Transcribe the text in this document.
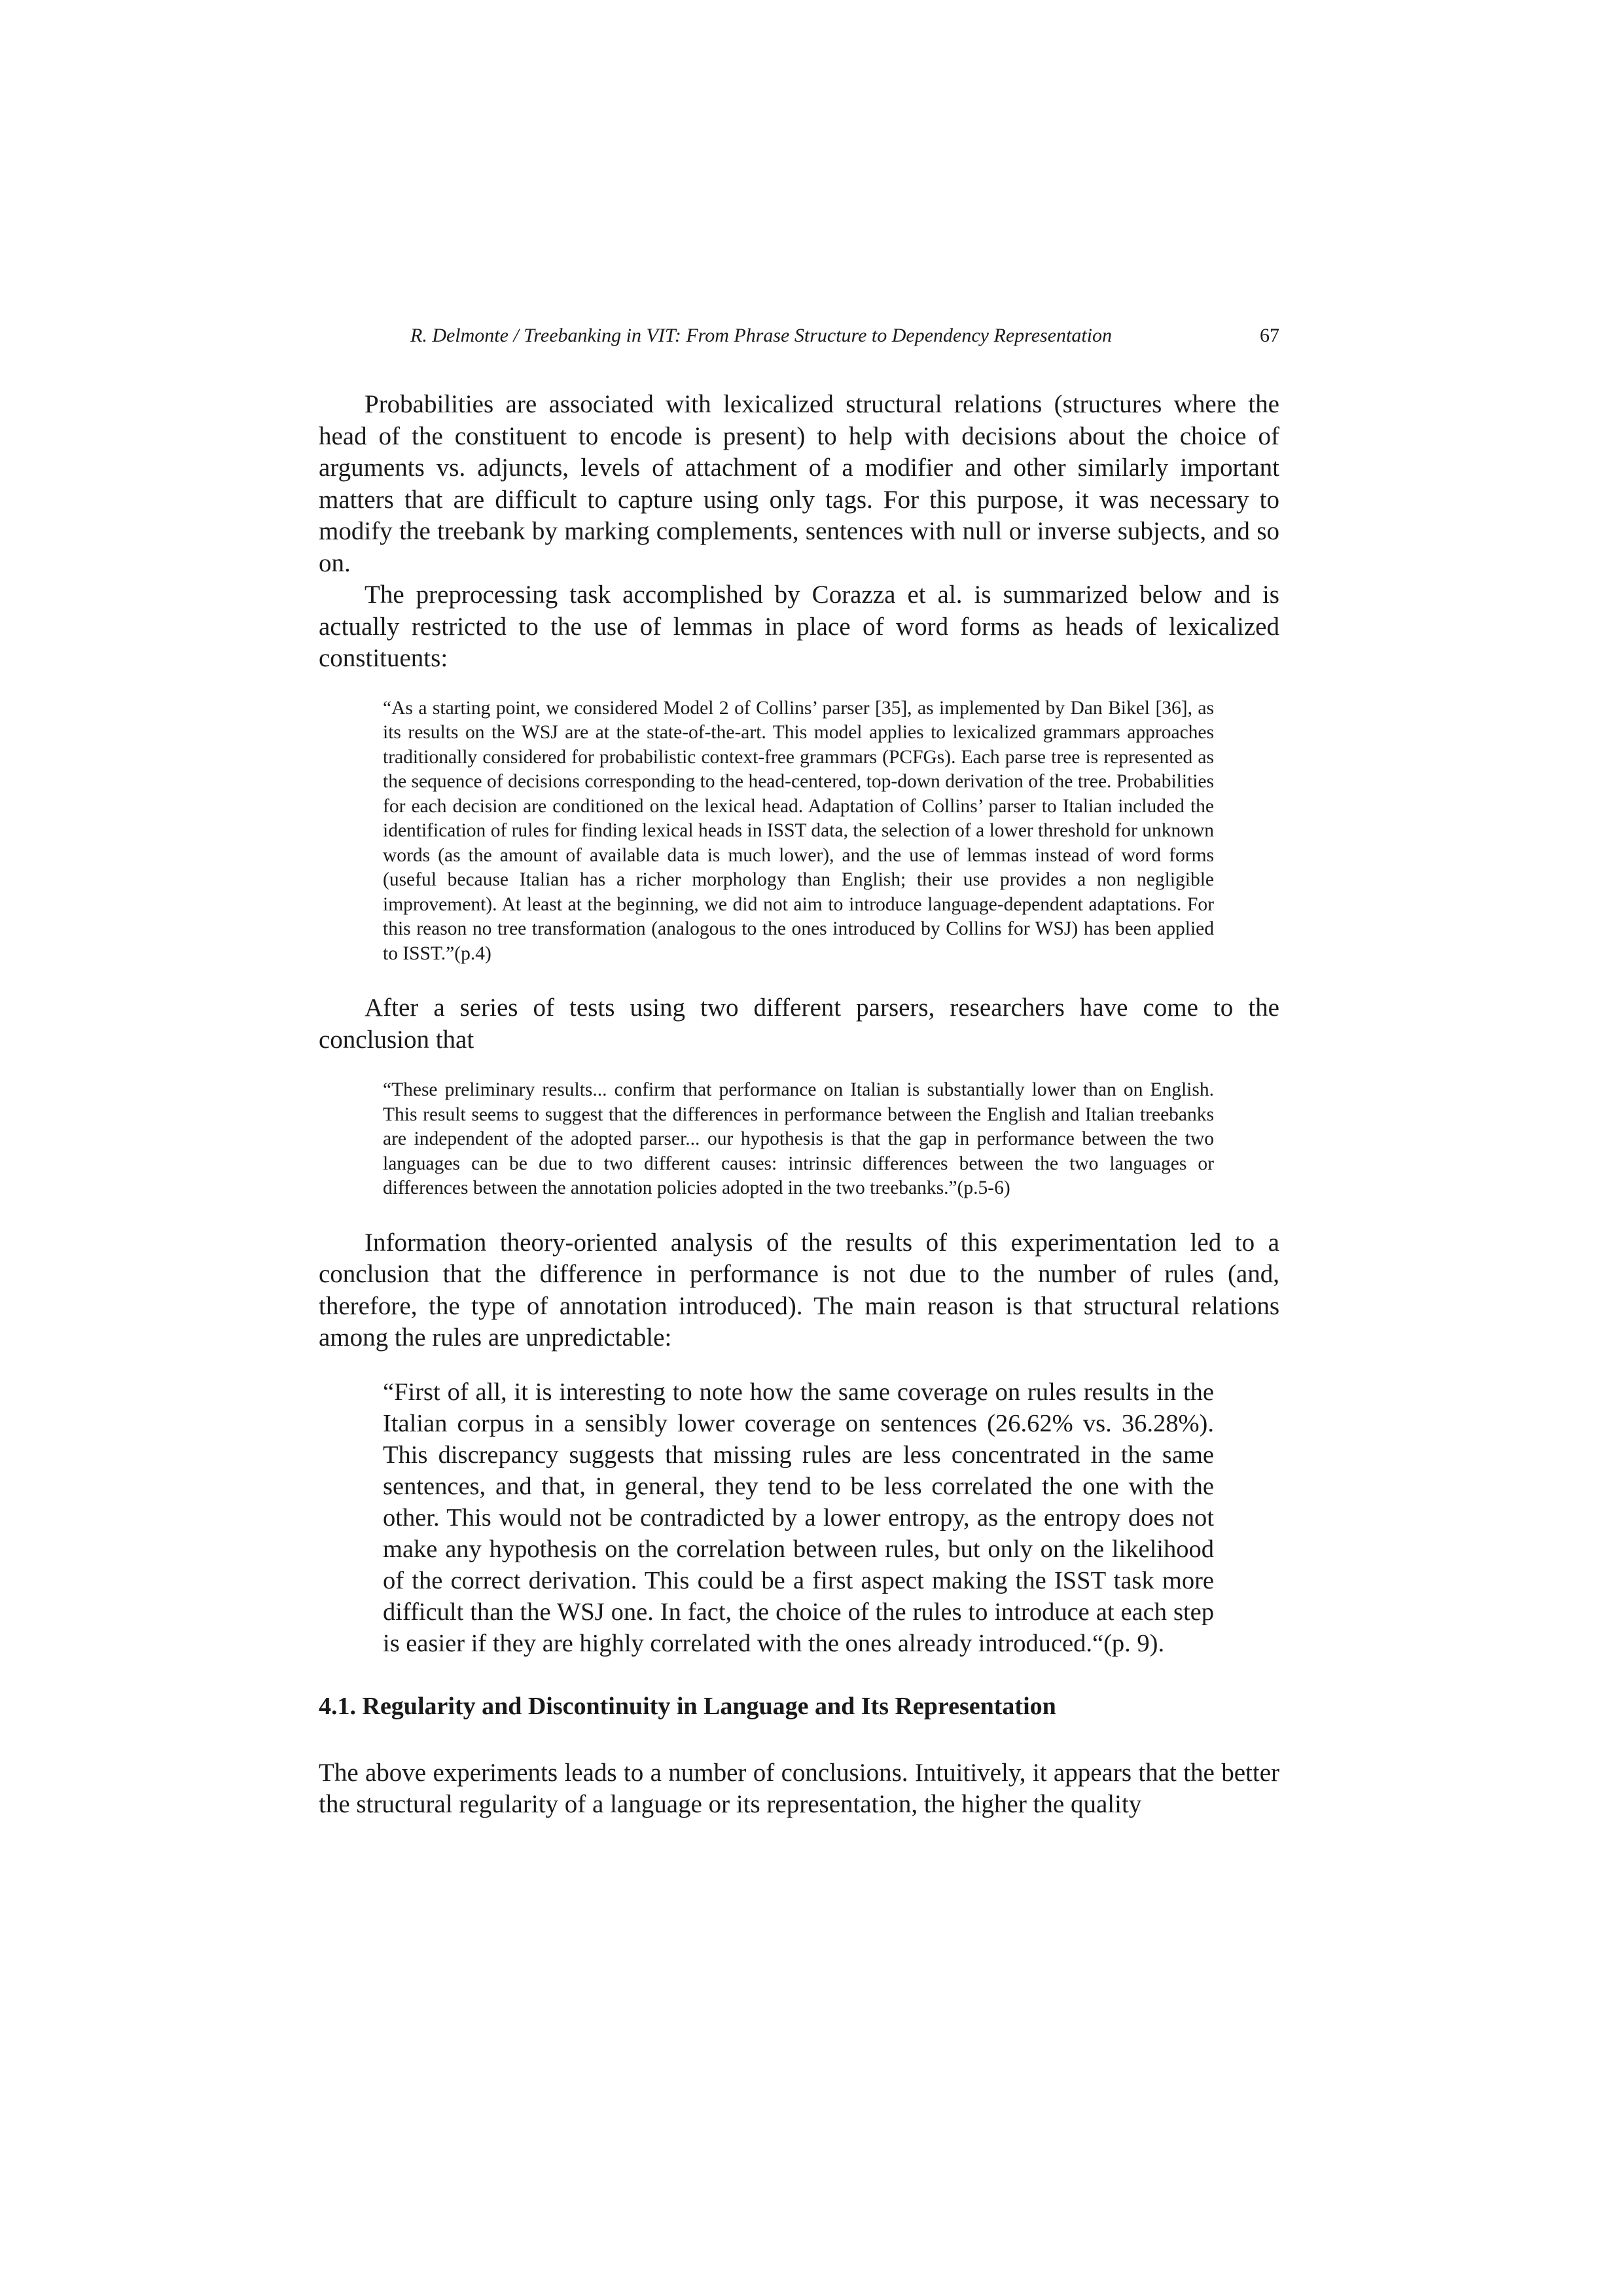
R. Delmonte / Treebanking in VIT: From Phrase Structure to Dependency Representation	67

Probabilities are associated with lexicalized structural relations (structures where the head of the constituent to encode is present) to help with decisions about the choice of arguments vs. adjuncts, levels of attachment of a modifier and other similarly important matters that are difficult to capture using only tags. For this purpose, it was necessary to modify the treebank by marking complements, sentences with null or inverse subjects, and so on.

The preprocessing task accomplished by Corazza et al. is summarized below and is actually restricted to the use of lemmas in place of word forms as heads of lexicalized constituents:

“As a starting point, we considered Model 2 of Collins’ parser [35], as implemented by Dan Bikel [36], as its results on the WSJ are at the state-of-the-art. This model applies to lexicalized grammars approaches traditionally considered for probabilistic context-free grammars (PCFGs). Each parse tree is represented as the sequence of decisions corresponding to the head-centered, top-down derivation of the tree. Probabilities for each decision are conditioned on the lexical head. Adaptation of Collins’ parser to Italian included the identification of rules for finding lexical heads in ISST data, the selection of a lower threshold for unknown words (as the amount of available data is much lower), and the use of lemmas instead of word forms (useful because Italian has a richer morphology than English; their use provides a non negligible improvement). At least at the beginning, we did not aim to introduce language-dependent adaptations. For this reason no tree transformation (analogous to the ones introduced by Collins for WSJ) has been applied to ISST.”(p.4)

After a series of tests using two different parsers, researchers have come to the conclusion that

“These preliminary results... confirm that performance on Italian is substantially lower than on English. This result seems to suggest that the differences in performance between the English and Italian treebanks are independent of the adopted parser... our hypothesis is that the gap in performance between the two languages can be due to two different causes: intrinsic differences between the two languages or differences between the annotation policies adopted in the two treebanks.”(p.5-6)

Information theory-oriented analysis of the results of this experimentation led to a conclusion that the difference in performance is not due to the number of rules (and, therefore, the type of annotation introduced). The main reason is that structural relations among the rules are unpredictable:

“First of all, it is interesting to note how the same coverage on rules results in the Italian corpus in a sensibly lower coverage on sentences (26.62% vs. 36.28%). This discrepancy suggests that missing rules are less concentrated in the same sentences, and that, in general, they tend to be less correlated the one with the other. This would not be contradicted by a lower entropy, as the entropy does not make any hypothesis on the correlation between rules, but only on the likelihood of the correct derivation. This could be a first aspect making the ISST task more difficult than the WSJ one. In fact, the choice of the rules to introduce at each step is easier if they are highly correlated with the ones already introduced.“(p. 9).

4.1. Regularity and Discontinuity in Language and Its Representation

The above experiments leads to a number of conclusions. Intuitively, it appears that the better the structural regularity of a language or its representation, the higher the quality
